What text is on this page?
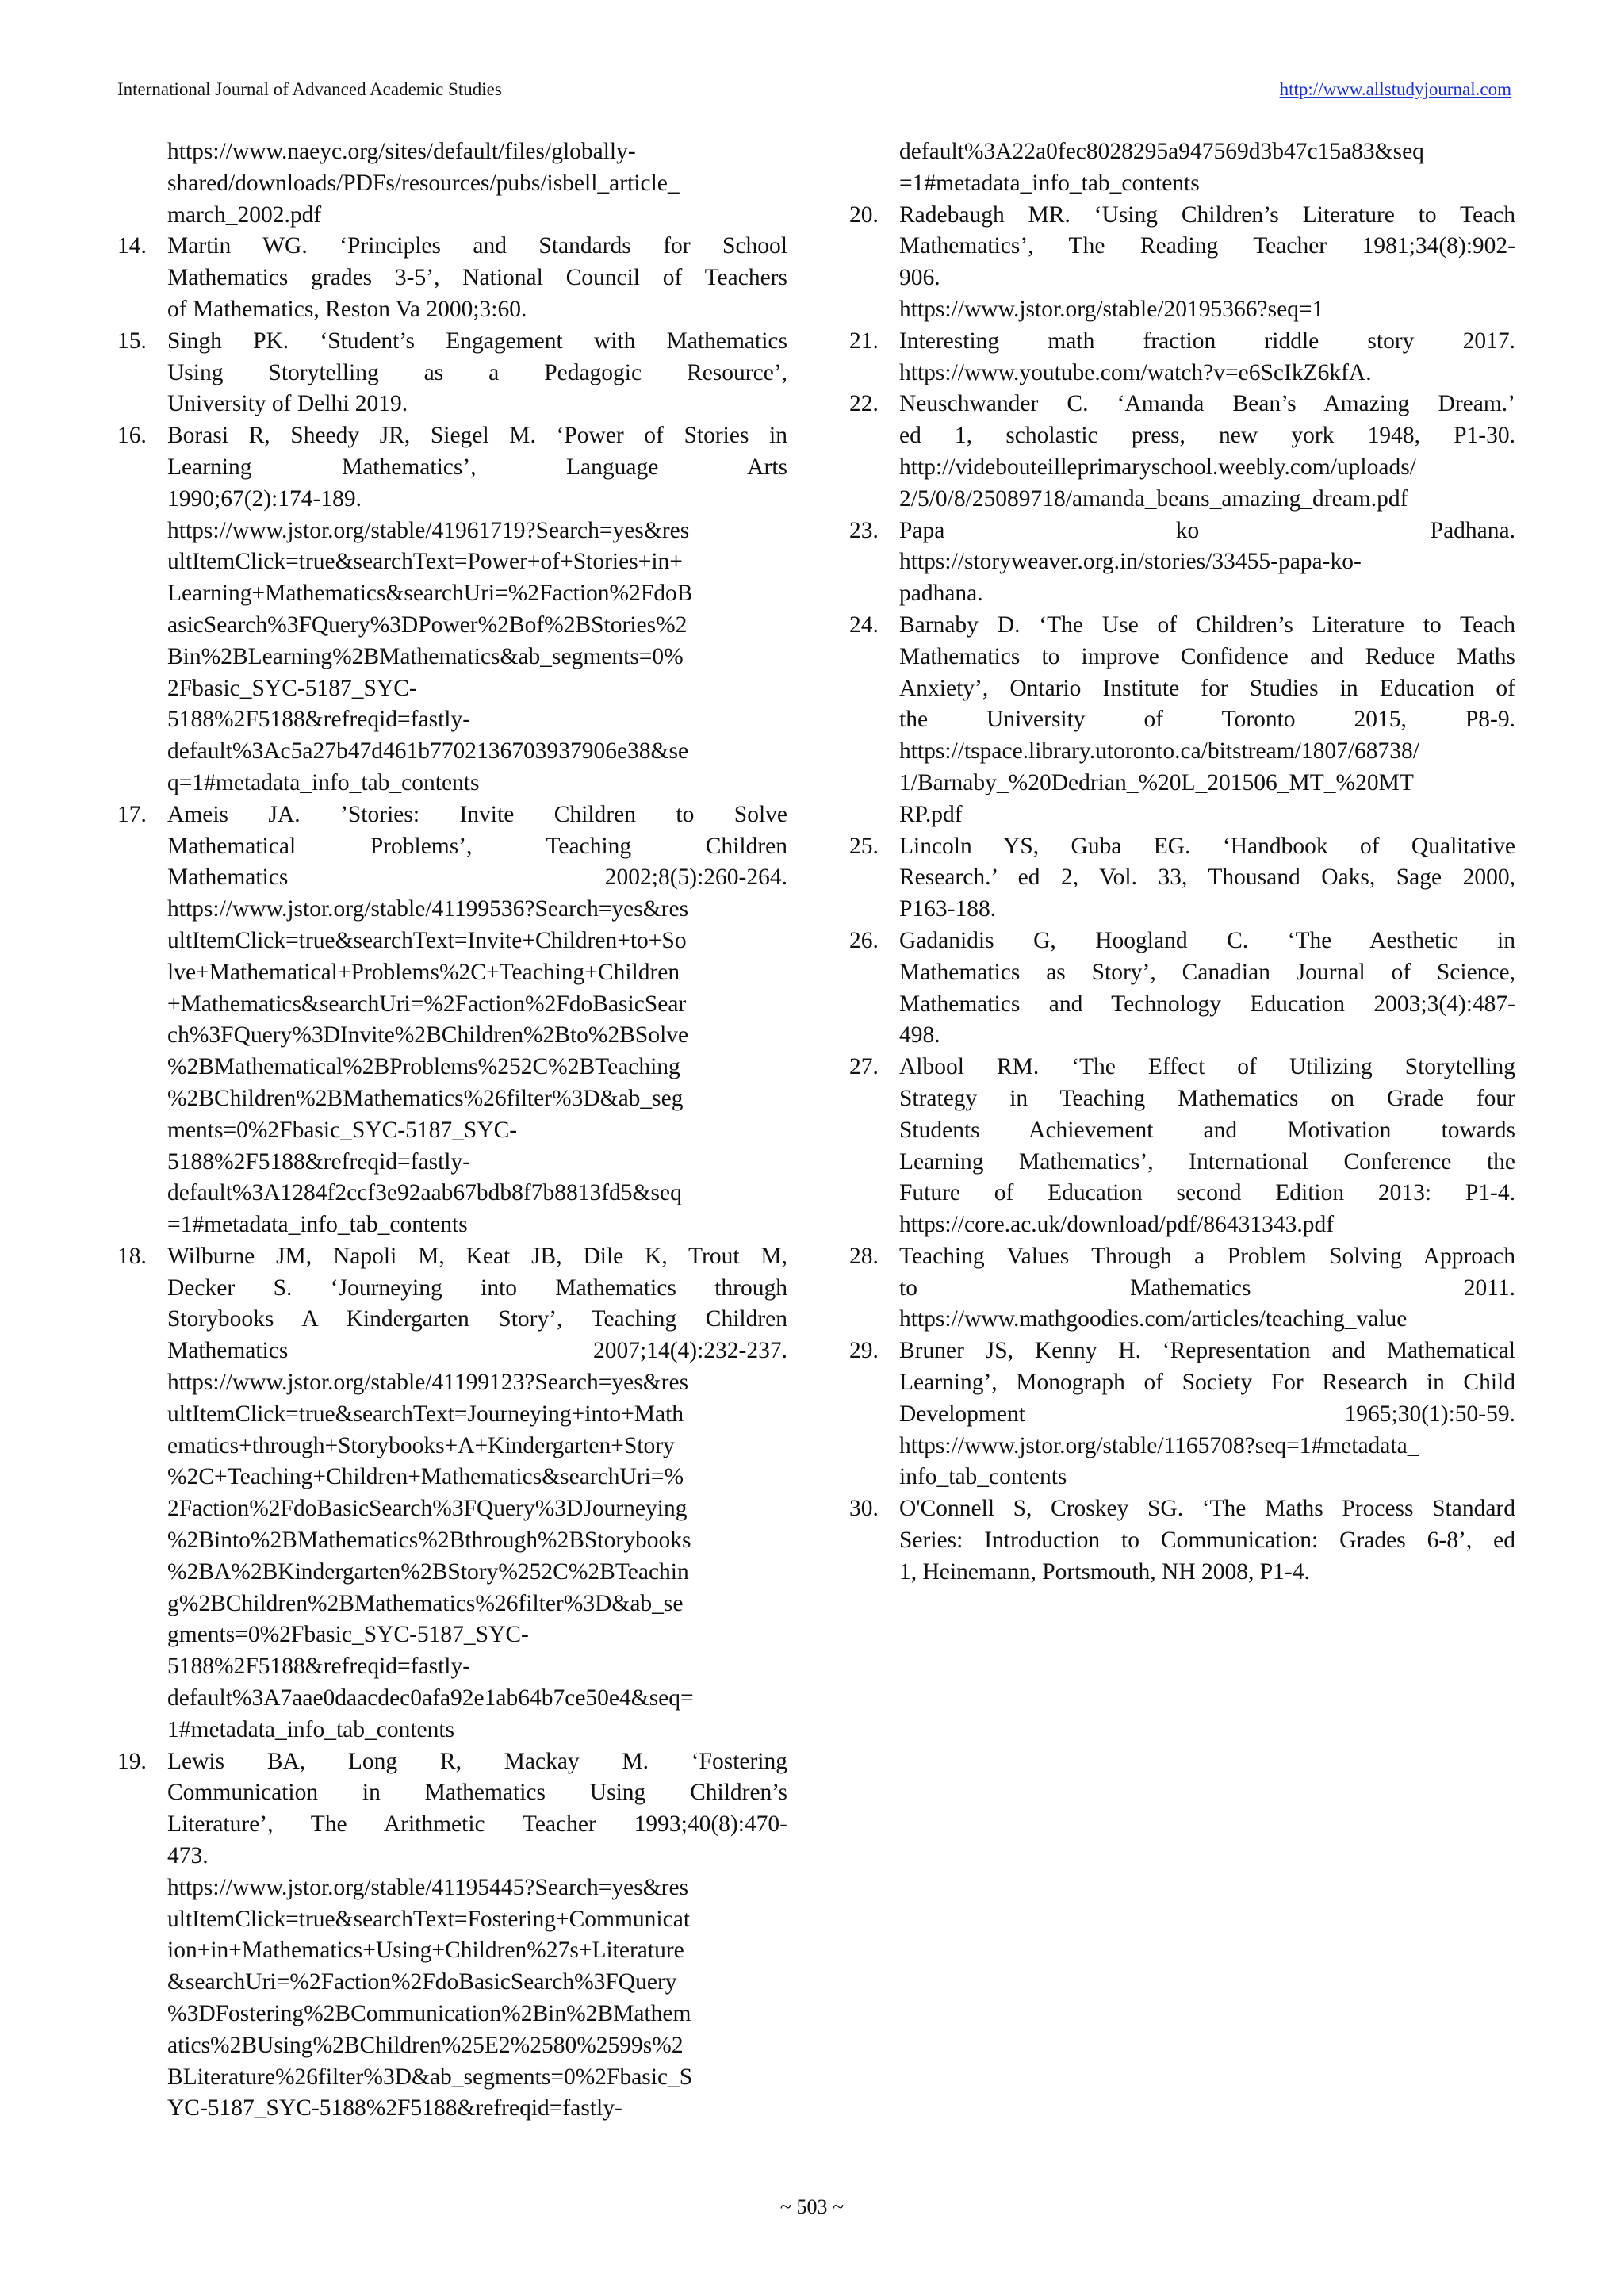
International Journal of Advanced Academic Studies	http://www.allstudyjournal.com
https://www.naeyc.org/sites/default/files/globally-
shared/downloads/PDFs/resources/pubs/isbell_article_
march_2002.pdf
14. Martin WG. ‘Principles and Standards for School
Mathematics grades 3-5’, National Council of Teachers
of Mathematics, Reston Va 2000;3:60.
15. Singh PK. ‘Student’s Engagement with Mathematics
Using Storytelling as a Pedagogic Resource’,
University of Delhi 2019.
16. Borasi R, Sheedy JR, Siegel M. ‘Power of Stories in
Learning Mathematics’, Language Arts
1990;67(2):174-189.
https://www.jstor.org/stable/41961719?Search=yes&res
ultItemClick=true&searchText=Power+of+Stories+in+
Learning+Mathematics&searchUri=%2Faction%2FdoB
asicSearch%3FQuery%3DPower%2Bof%2BStories%2
Bin%2BLearning%2BMathematics&ab_segments=0%
2Fbasic_SYC-5187_SYC-
5188%2F5188&refreqid=fastly-
default%3Ac5a27b47d461b7702136703937906e38&se
q=1#metadata_info_tab_contents
17. Ameis JA. ’Stories: Invite Children to Solve
Mathematical Problems’, Teaching Children
Mathematics 2002;8(5):260-264.
https://www.jstor.org/stable/41199536?Search=yes&res
ultItemClick=true&searchText=Invite+Children+to+So
lve+Mathematical+Problems%2C+Teaching+Children
+Mathematics&searchUri=%2Faction%2FdoBasicSear
ch%3FQuery%3DInvite%2BChildren%2Bto%2BSolve
%2BMathematical%2BProblems%252C%2BTeaching
%2BChildren%2BMathematics%26filter%3D&ab_seg
ments=0%2Fbasic_SYC-5187_SYC-
5188%2F5188&refreqid=fastly-
default%3A1284f2ccf3e92aab67bdb8f7b8813fd5&seq
=1#metadata_info_tab_contents
18. Wilburne JM, Napoli M, Keat JB, Dile K, Trout M,
Decker S. ‘Journeying into Mathematics through
Storybooks A Kindergarten Story’, Teaching Children
Mathematics 2007;14(4):232-237.
https://www.jstor.org/stable/41199123?Search=yes&res
ultItemClick=true&searchText=Journeying+into+Math
ematics+through+Storybooks+A+Kindergarten+Story
%2C+Teaching+Children+Mathematics&searchUri=%
2Faction%2FdoBasicSearch%3FQuery%3DJourneying
%2Binto%2BMathematics%2Bthrough%2BStorybooks
%2BA%2BKindergarten%2BStory%252C%2BTeachin
g%2BChildren%2BMathematics%26filter%3D&ab_se
gments=0%2Fbasic_SYC-5187_SYC-
5188%2F5188&refreqid=fastly-
default%3A7aae0daacdec0afa92e1ab64b7ce50e4&seq=
1#metadata_info_tab_contents
19. Lewis BA, Long R, Mackay M. ‘Fostering
Communication in Mathematics Using Children’s
Literature’, The Arithmetic Teacher 1993;40(8):470-
473.
https://www.jstor.org/stable/41195445?Search=yes&res
ultItemClick=true&searchText=Fostering+Communicat
ion+in+Mathematics+Using+Children%27s+Literature
&searchUri=%2Faction%2FdoBasicSearch%3FQuery
%3DFostering%2BCommunication%2Bin%2BMathem
atics%2BUsing%2BChildren%25E2%2580%2599s%2
BLiterature%26filter%3D&ab_segments=0%2Fbasic_S
YC-5187_SYC-5188%2F5188&refreqid=fastly-
default%3A22a0fec8028295a947569d3b47c15a83&seq
=1#metadata_info_tab_contents
20. Radebaugh MR. ‘Using Children’s Literature to Teach
Mathematics’, The Reading Teacher 1981;34(8):902-
906.
https://www.jstor.org/stable/20195366?seq=1
21. Interesting math fraction riddle story 2017.
https://www.youtube.com/watch?v=e6ScIkZ6kfA.
22. Neuschwander C. ‘Amanda Bean’s Amazing Dream.’
ed 1, scholastic press, new york 1948, P1-30.
http://videbouteilleprimaryschool.weebly.com/uploads/
2/5/0/8/25089718/amanda_beans_amazing_dream.pdf
23. Papa ko Padhana.
https://storyweaver.org.in/stories/33455-papa-ko-
padhana.
24. Barnaby D. ‘The Use of Children’s Literature to Teach
Mathematics to improve Confidence and Reduce Maths
Anxiety’, Ontario Institute for Studies in Education of
the University of Toronto 2015, P8-9.
https://tspace.library.utoronto.ca/bitstream/1807/68738/
1/Barnaby_%20Dedrian_%20L_201506_MT_%20MT
RP.pdf
25. Lincoln YS, Guba EG. ‘Handbook of Qualitative
Research.’ ed 2, Vol. 33, Thousand Oaks, Sage 2000,
P163-188.
26. Gadanidis G, Hoogland C. ‘The Aesthetic in
Mathematics as Story’, Canadian Journal of Science,
Mathematics and Technology Education 2003;3(4):487-
498.
27. Albool RM. ‘The Effect of Utilizing Storytelling
Strategy in Teaching Mathematics on Grade four
Students Achievement and Motivation towards
Learning Mathematics’, International Conference the
Future of Education second Edition 2013: P1-4.
https://core.ac.uk/download/pdf/86431343.pdf
28. Teaching Values Through a Problem Solving Approach
to Mathematics 2011.
https://www.mathgoodies.com/articles/teaching_value
29. Bruner JS, Kenny H. ‘Representation and Mathematical
Learning’, Monograph of Society For Research in Child
Development 1965;30(1):50-59.
https://www.jstor.org/stable/1165708?seq=1#metadata_
info_tab_contents
30. O'Connell S, Croskey SG. ‘The Maths Process Standard
Series: Introduction to Communication: Grades 6-8’, ed
1, Heinemann, Portsmouth, NH 2008, P1-4.
~ 503 ~
